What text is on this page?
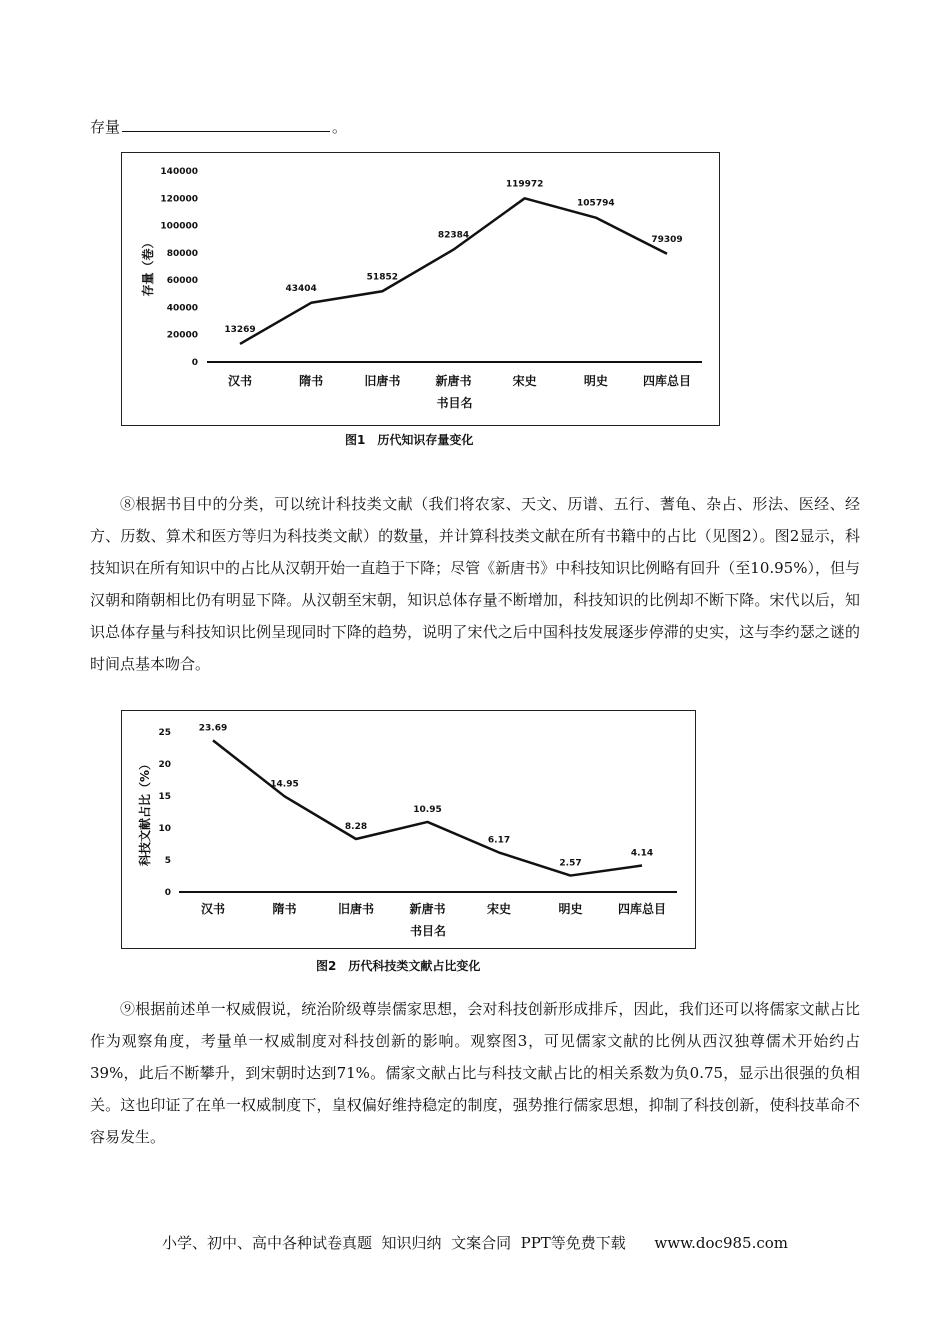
存量	。
0
20000
40000
60000
80000
100000
120000
140000
13269
43404
51852
82384
119972
105794
79309
汉书	隋书	旧唐书	新唐书	宋史	明史	四库总目
书目名
存量（卷）
图1　历代知识存量变化

⑧根据书目中的分类，可以统计科技类文献（我们将农家、天文、历谱、五行、蓍龟、杂占、形法、医经、经方、历数、算术和医方等归为科技类文献）的数量，并计算科技类文献在所有书籍中的占比（见图2）。图2显示，科技知识在所有知识中的占比从汉朝开始一直趋于下降；尽管《新唐书》中科技知识比例略有回升（至10.95%），但与汉朝和隋朝相比仍有明显下降。从汉朝至宋朝，知识总体存量不断增加，科技知识的比例却不断下降。宋代以后，知识总体存量与科技知识比例呈现同时下降的趋势，说明了宋代之后中国科技发展逐步停滞的史实，这与李约瑟之谜的时间点基本吻合。

0
5
10
15
20
25	23.69
14.95
8.28
10.95
6.17
2.57
4.14
汉书	隋书	旧唐书	新唐书	宋史	明史	四库总目
书目名
科技文献占比（%）
图2　历代科技类文献占比变化

⑨根据前述单一权威假说，统治阶级尊崇儒家思想，会对科技创新形成排斥，因此，我们还可以将儒家文献占比作为观察角度，考量单一权威制度对科技创新的影响。观察图3，可见儒家文献的比例从西汉独尊儒术开始约占39%，此后不断攀升，到宋朝时达到71%。儒家文献占比与科技文献占比的相关系数为负0.75，显示出很强的负相关。这也印证了在单一权威制度下，皇权偏好维持稳定的制度，强势推行儒家思想，抑制了科技创新，使科技革命不容易发生。

小学、初中、高中各种试卷真题  知识归纳  文案合同  PPT等免费下载      www.doc985.com
